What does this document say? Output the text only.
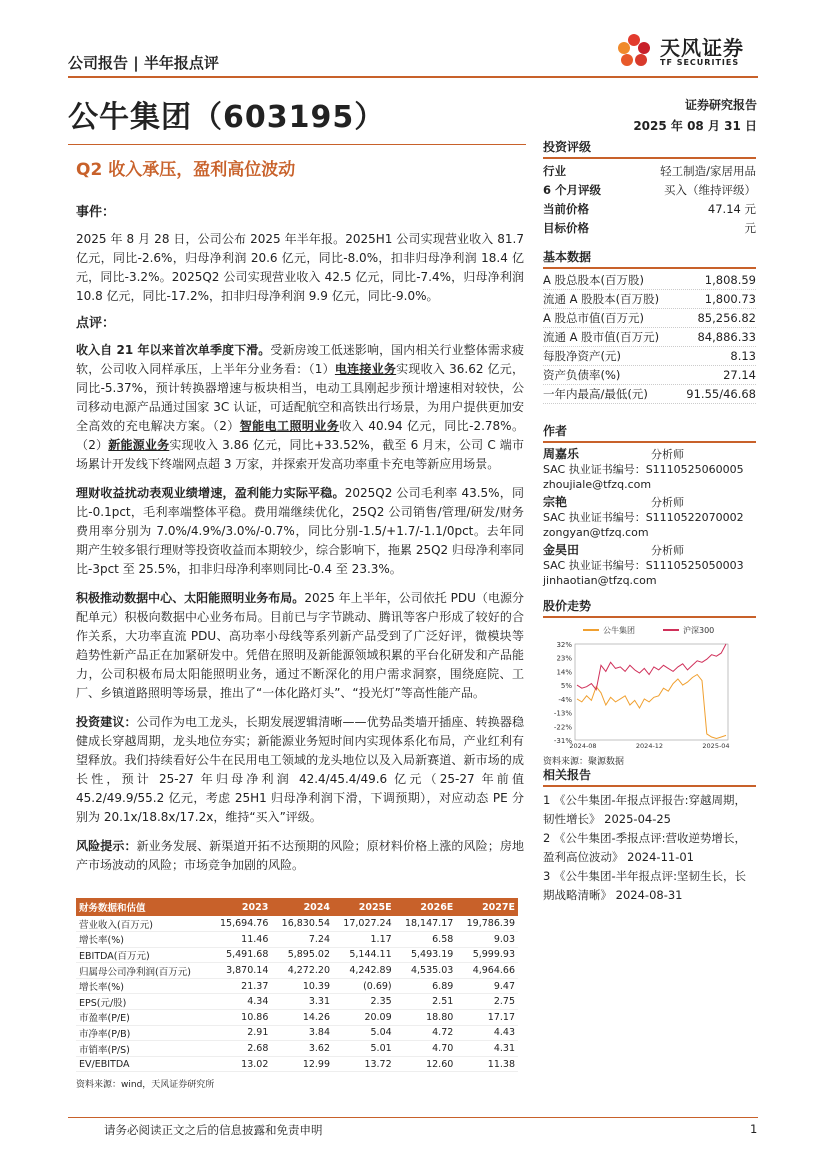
公司报告 | 半年报点评
天风证券
TF SECURITIES
公牛集团（603195）	证券研究报告
2025 年 08 月 31 日
Q2 收入承压，盈利高位波动
事件：
2025 年 8 月 28 日，公司公布 2025 年半年报。2025H1 公司实现营业收入 81.7 亿元，同比-2.6%，归母净利润 20.6 亿元，同比-8.0%，扣非归母净利润 18.4 亿元，同比-3.2%。2025Q2 公司实现营业收入 42.5 亿元，同比-7.4%，归母净利润 10.8 亿元，同比-17.2%，扣非归母净利润 9.9 亿元，同比-9.0%。
点评：
收入自 21 年以来首次单季度下滑。受新房竣工低迷影响，国内相关行业整体需求疲软，公司收入同样承压，上半年分业务看：（1）电连接业务实现收入 36.62 亿元，同比-5.37%，预计转换器增速与板块相当，电动工具刚起步预计增速相对较快，公司移动电源产品通过国家 3C 认证，可适配航空和高铁出行场景，为用户提供更加安全高效的充电解决方案。（2）智能电工照明业务收入 40.94 亿元，同比-2.78%。（2）新能源业务实现收入 3.86 亿元，同比+33.52%，截至 6 月末，公司 C 端市场累计开发线下终端网点超 3 万家，并探索开发高功率重卡充电等新应用场景。
理财收益扰动表观业绩增速，盈利能力实际平稳。2025Q2 公司毛利率 43.5%，同比-0.1pct，毛利率端整体平稳。费用端继续优化，25Q2 公司销售/管理/研发/财务费用率分别为 7.0%/4.9%/3.0%/-0.7%，同比分别-1.5/+1.7/-1.1/0pct。去年同期产生较多银行理财等投资收益而本期较少，综合影响下，拖累 25Q2 归母净利率同比-3pct 至 25.5%，扣非归母净利率则同比-0.4 至 23.3%。
积极推动数据中心、太阳能照明业务布局。2025 年上半年，公司依托 PDU（电源分配单元）积极向数据中心业务布局。目前已与字节跳动、腾讯等客户形成了较好的合作关系，大功率直流 PDU、高功率小母线等系列新产品受到了广泛好评，微模块等趋势性新产品正在加紧研发中。凭借在照明及新能源领域积累的平台化研发和产品能力，公司积极布局太阳能照明业务，通过不断深化的用户需求洞察，围绕庭院、工厂、乡镇道路照明等场景，推出了“一体化路灯头”、“投光灯”等高性能产品。
投资建议：公司作为电工龙头，长期发展逻辑清晰——优势品类墙开插座、转换器稳健成长穿越周期，龙头地位夯实；新能源业务短时间内实现体系化布局，产业红利有望释放。我们持续看好公牛在民用电工领域的龙头地位以及入局新赛道、新市场的成长性，预计 25-27 年归母净利润 42.4/45.4/49.6 亿元（25-27 年前值 45.2/49.9/55.2 亿元，考虑 25H1 归母净利润下滑，下调预期），对应动态 PE 分别为 20.1x/18.8x/17.2x，维持“买入”评级。
风险提示：新业务发展、新渠道开拓不达预期的风险；原材料价格上涨的风险；房地产市场波动的风险；市场竞争加剧的风险。
财务数据和估值	2023	2024	2025E	2026E	2027E
营业收入(百万元)	15,694.76	16,830.54	17,027.24	18,147.17	19,786.39
增长率(%)	11.46	7.24	1.17	6.58	9.03
EBITDA(百万元)	5,491.68	5,895.02	5,144.11	5,493.19	5,999.93
归属母公司净利润(百万元)	3,870.14	4,272.20	4,242.89	4,535.03	4,964.66
增长率(%)	21.37	10.39	(0.69)	6.89	9.47
EPS(元/股)	4.34	3.31	2.35	2.51	2.75
市盈率(P/E)	10.86	14.26	20.09	18.80	17.17
市净率(P/B)	2.91	3.84	5.04	4.72	4.43
市销率(P/S)	2.68	3.62	5.01	4.70	4.31
EV/EBITDA	13.02	12.99	13.72	12.60	11.38
资料来源：wind，天风证券研究所
投资评级
行业	轻工制造/家居用品
6 个月评级	买入（维持评级）
当前价格	47.14 元
目标价格	元
基本数据
A 股总股本(百万股)	1,808.59
流通 A 股股本(百万股)	1,800.73
A 股总市值(百万元)	85,256.82
流通 A 股市值(百万元)	84,886.33
每股净资产(元)	8.13
资产负债率(%)	27.14
一年内最高/最低(元)	91.55/46.68
作者
周嘉乐	分析师
SAC 执业证书编号：S1110525060005
zhoujiale@tfzq.com
宗艳	分析师
SAC 执业证书编号：S1110522070002
zongyan@tfzq.com
金昊田	分析师
SAC 执业证书编号：S1110525050003
jinhaotian@tfzq.com
股价走势
32%
23%
14%
5%
-4%
-13%
-22%
-31%
2024-08	2024-12	2025-04
公牛集团	沪深300
资料来源：聚源数据
相关报告
1 《公牛集团-年报点评报告:穿越周期，韧性增长》 2025-04-25
2 《公牛集团-季报点评:营收逆势增长，盈利高位波动》 2024-11-01
3 《公牛集团-半年报点评:坚韧生长，长期战略清晰》 2024-08-31
请务必阅读正文之后的信息披露和免责申明	1
